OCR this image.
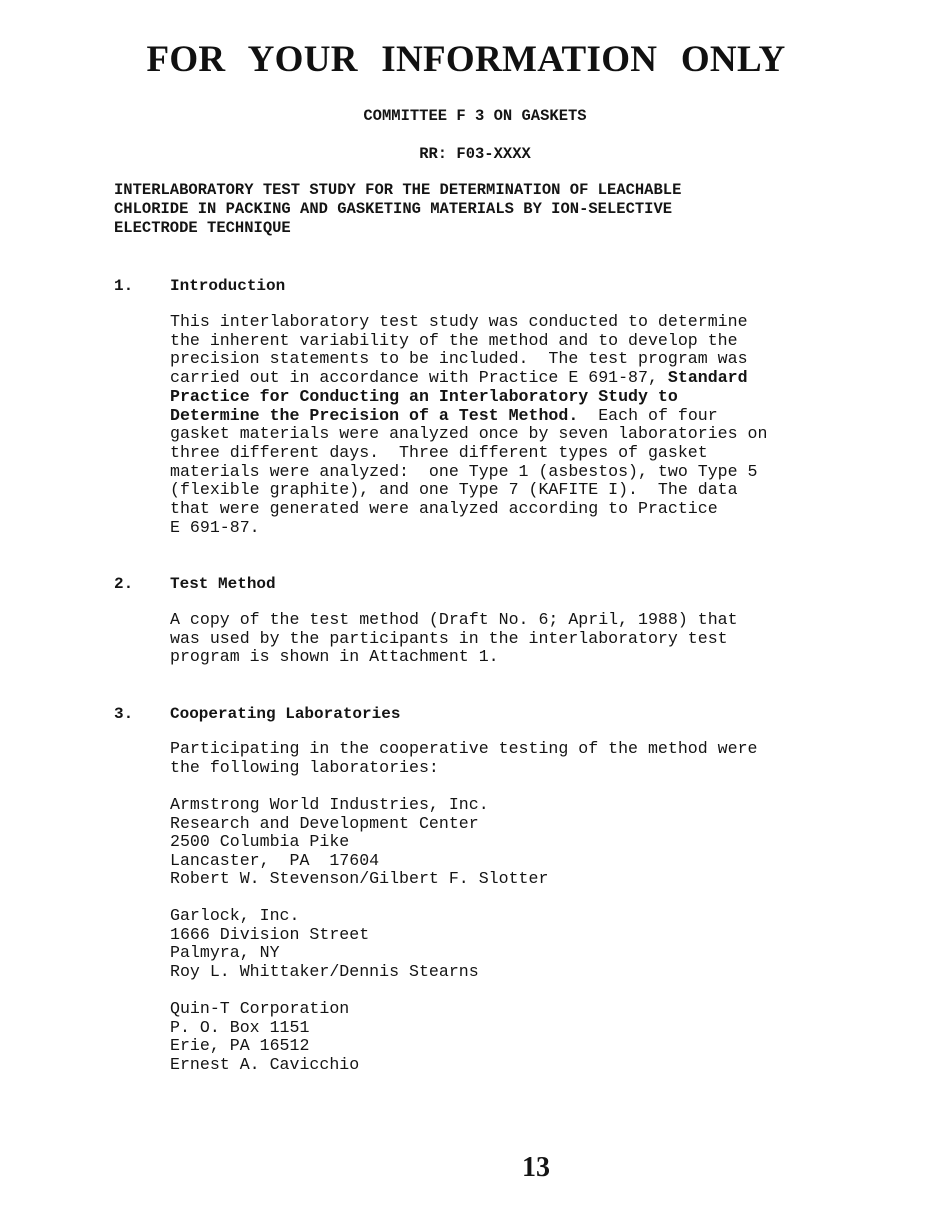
FOR YOUR INFORMATION ONLY
COMMITTEE F 3 ON GASKETS
RR: F03-XXXX
INTERLABORATORY TEST STUDY FOR THE DETERMINATION OF LEACHABLE
CHLORIDE IN PACKING AND GASKETING MATERIALS BY ION-SELECTIVE
ELECTRODE TECHNIQUE
1. Introduction
This interlaboratory test study was conducted to determine
the inherent variability of the method and to develop the
precision statements to be included.  The test program was
carried out in accordance with Practice E 691-87, Standard
Practice for Conducting an Interlaboratory Study to
Determine the Precision of a Test Method.  Each of four
gasket materials were analyzed once by seven laboratories on
three different days.  Three different types of gasket
materials were analyzed:  one Type 1 (asbestos), two Type 5
(flexible graphite), and one Type 7 (KAFITE I).  The data
that were generated were analyzed according to Practice
E 691-87.
2. Test Method
A copy of the test method (Draft No. 6; April, 1988) that
was used by the participants in the interlaboratory test
program is shown in Attachment 1.
3. Cooperating Laboratories
Participating in the cooperative testing of the method were
the following laboratories:
Armstrong World Industries, Inc.
Research and Development Center
2500 Columbia Pike
Lancaster,  PA  17604
Robert W. Stevenson/Gilbert F. Slotter
Garlock, Inc.
1666 Division Street
Palmyra, NY
Roy L. Whittaker/Dennis Stearns
Quin-T Corporation
P. O. Box 1151
Erie, PA 16512
Ernest A. Cavicchio
13
